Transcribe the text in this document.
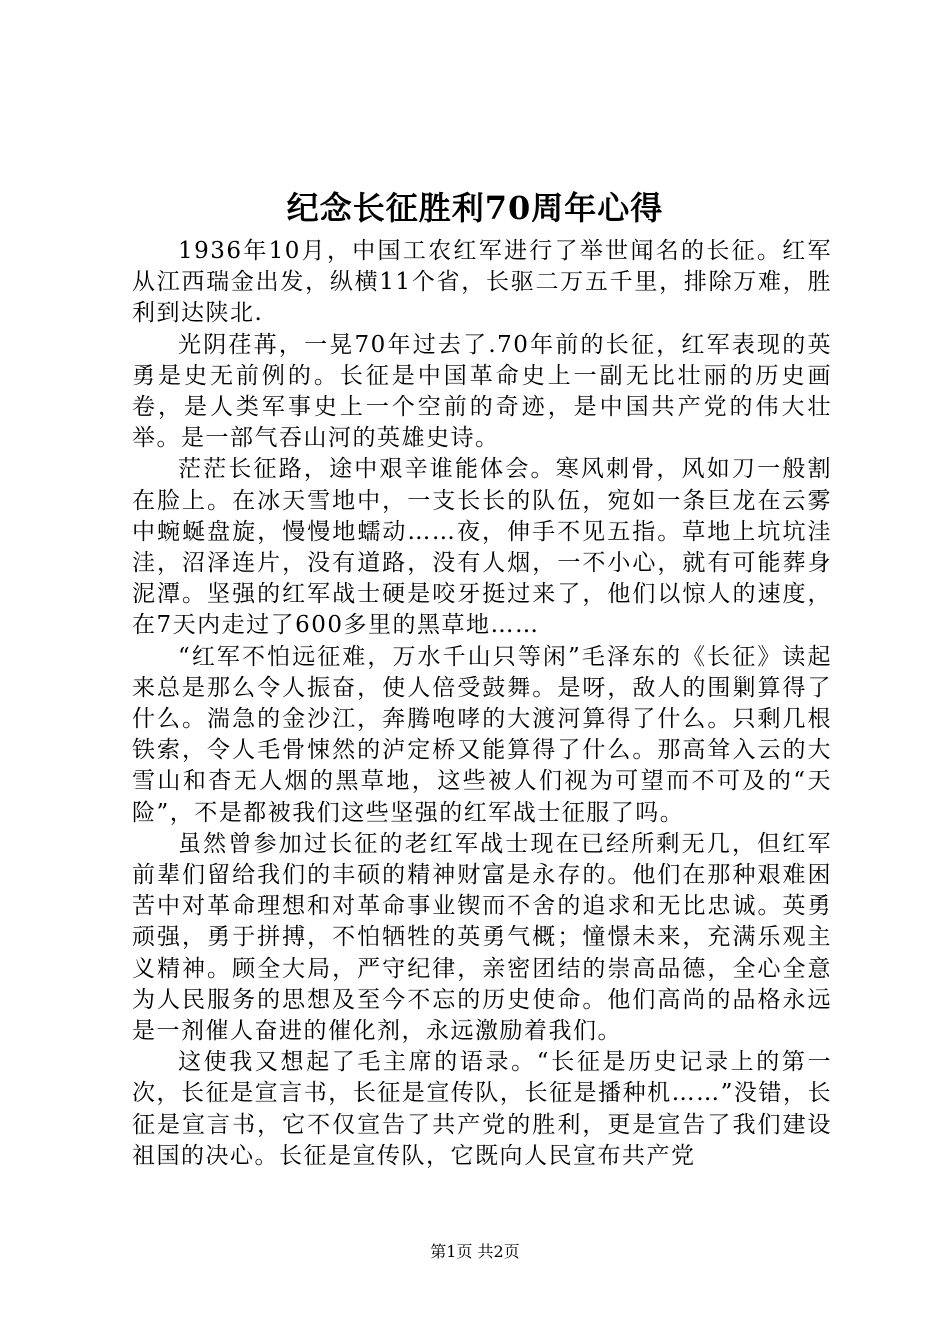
纪念长征胜利70周年心得

1936年10月，中国工农红军进行了举世闻名的长征。红军从江西瑞金出发，纵横11个省，长驱二万五千里，排除万难，胜利到达陕北.

光阴荏苒，一晃70年过去了.70年前的长征，红军表现的英勇是史无前例的。长征是中国革命史上一副无比壮丽的历史画卷，是人类军事史上一个空前的奇迹，是中国共产党的伟大壮举。是一部气吞山河的英雄史诗。

茫茫长征路，途中艰辛谁能体会。寒风刺骨，风如刀一般割在脸上。在冰天雪地中，一支长长的队伍，宛如一条巨龙在云雾中蜿蜒盘旋，慢慢地蠕动……夜，伸手不见五指。草地上坑坑洼洼，沼泽连片，没有道路，没有人烟，一不小心，就有可能葬身泥潭。坚强的红军战士硬是咬牙挺过来了，他们以惊人的速度，在7天内走过了600多里的黑草地……

“红军不怕远征难，万水千山只等闲”毛泽东的《长征》读起来总是那么令人振奋，使人倍受鼓舞。是呀，敌人的围剿算得了什么。湍急的金沙江，奔腾咆哮的大渡河算得了什么。只剩几根铁索，令人毛骨悚然的泸定桥又能算得了什么。那高耸入云的大雪山和杳无人烟的黑草地，这些被人们视为可望而不可及的“天险”，不是都被我们这些坚强的红军战士征服了吗。

虽然曾参加过长征的老红军战士现在已经所剩无几，但红军前辈们留给我们的丰硕的精神财富是永存的。他们在那种艰难困苦中对革命理想和对革命事业锲而不舍的追求和无比忠诚。英勇顽强，勇于拼搏，不怕牺牲的英勇气概；憧憬未来，充满乐观主义精神。顾全大局，严守纪律，亲密团结的崇高品德，全心全意为人民服务的思想及至今不忘的历史使命。他们高尚的品格永远是一剂催人奋进的催化剂，永远激励着我们。

这使我又想起了毛主席的语录。“长征是历史记录上的第一次，长征是宣言书，长征是宣传队，长征是播种机……”没错，长征是宣言书，它不仅宣告了共产党的胜利，更是宣告了我们建设祖国的决心。长征是宣传队，它既向人民宣布共产党

第1页 共2页
